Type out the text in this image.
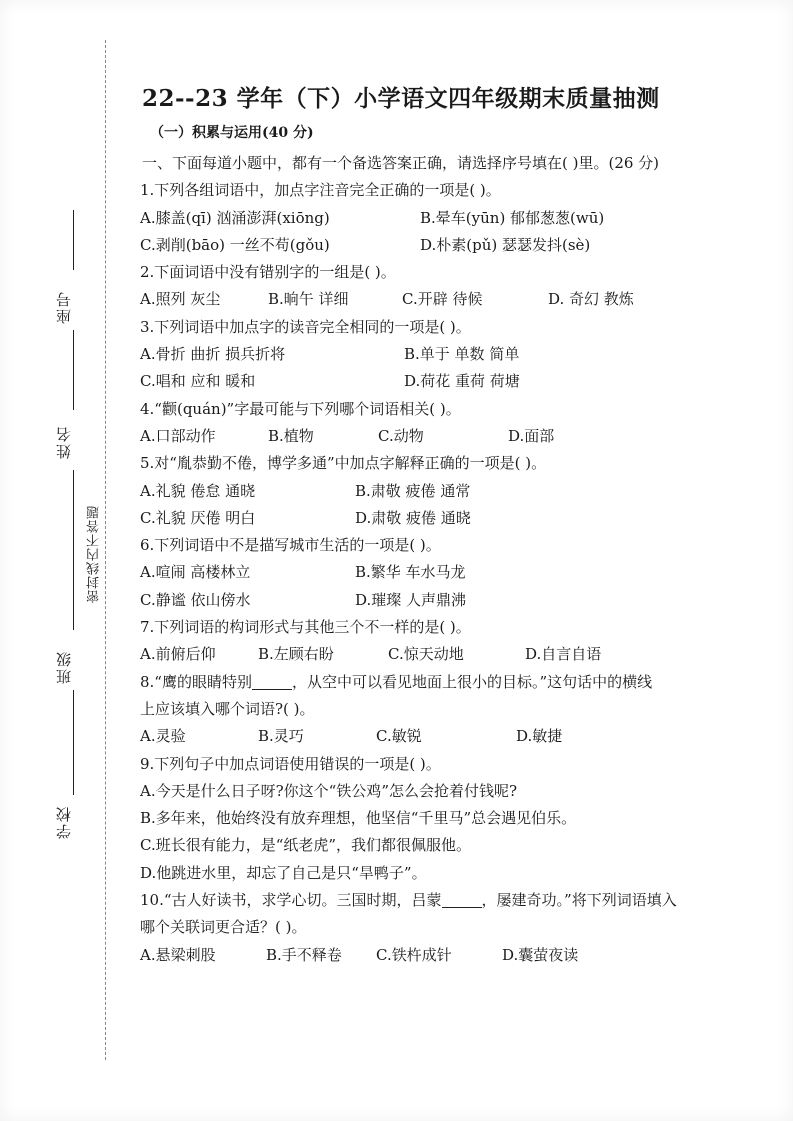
座号
姓名
班级
学校
密封线内不答题
22--23 学年（下）小学语文四年级期末质量抽测
（一）积累与运用(40 分)
一、下面每道小题中，都有一个备选答案正确，请选择序号填在( )里。(26 分)
1.下列各组词语中，加点字注音完全正确的一项是( )。
A.膝盖(qī) 汹涌澎湃(xiōng)	B.晕车(yūn) 郁郁葱葱(wū)
C.剥削(bāo) 一丝不苟(gǒu)	D.朴素(pǔ) 瑟瑟发抖(sè)
2.下面词语中没有错别字的一组是( )。
A.照列 灰尘	B.晌午 详细	C.开辟 待候	D. 奇幻 教炼
3.下列词语中加点字的读音完全相同的一项是( )。
A.骨折 曲折 损兵折将	B.单于 单数 简单
C.唱和 应和 暖和	D.荷花 重荷 荷塘
4.“颧(quán)”字最可能与下列哪个词语相关( )。
A.口部动作	B.植物	C.动物	D.面部
5.对“胤恭勤不倦，博学多通”中加点字解释正确的一项是( )。
A.礼貌 倦怠 通晓	B.肃敬 疲倦 通常
C.礼貌 厌倦 明白	D.肃敬 疲倦 通晓
6.下列词语中不是描写城市生活的一项是( )。
A.喧闹 高楼林立	B.繁华 车水马龙
C.静谧 依山傍水	D.璀璨 人声鼎沸
7.下列词语的构词形式与其他三个不一样的是( )。
A.前俯后仰	B.左顾右盼	C.惊天动地	D.自言自语
8.“鹰的眼睛特别	，从空中可以看见地面上很小的目标。”这句话中的横线
上应该填入哪个词语?( )。
A.灵验	B.灵巧	C.敏锐	D.敏捷
9.下列句子中加点词语使用错误的一项是( )。
A.今天是什么日子呀?你这个“铁公鸡”怎么会抢着付钱呢?
B.多年来，他始终没有放弃理想，他坚信“千里马”总会遇见伯乐。
C.班长很有能力，是“纸老虎”，我们都很佩服他。
D.他跳进水里，却忘了自己是只“旱鸭子”。
10.“古人好读书，求学心切。三国时期，吕蒙	，屡建奇功。”将下列词语填入
哪个关联词更合适？( )。
A.悬梁刺股	B.手不释卷 C.铁杵成针	D.囊萤夜读
